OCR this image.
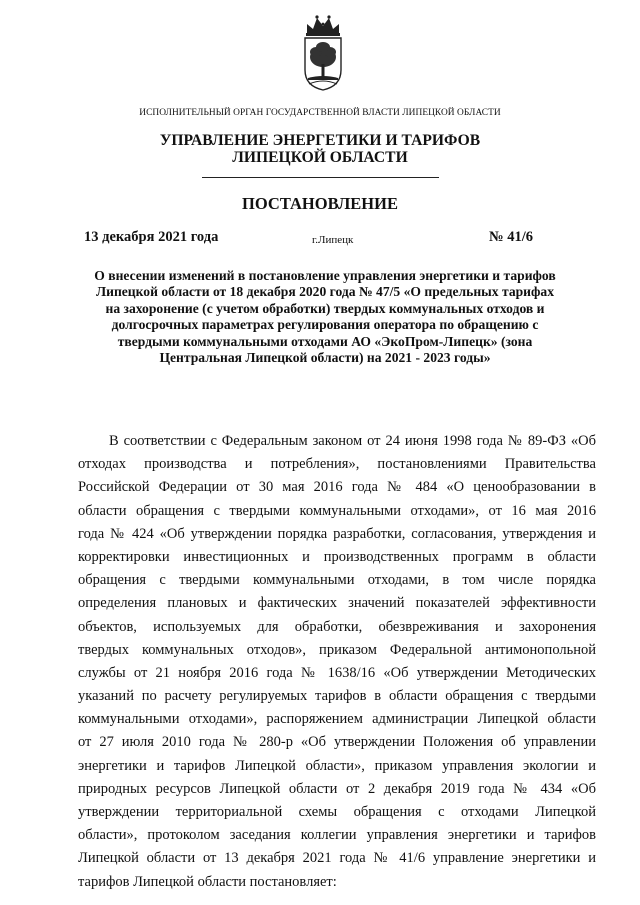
ИСПОЛНИТЕЛЬНЫЙ ОРГАН ГОСУДАРСТВЕННОЙ ВЛАСТИ ЛИПЕЦКОЙ ОБЛАСТИ
УПРАВЛЕНИЕ ЭНЕРГЕТИКИ И ТАРИФОВ
ЛИПЕЦКОЙ ОБЛАСТИ
ПОСТАНОВЛЕНИЕ
13 декабря 2021 года	г.Липецк	№ 41/6
О внесении изменений в постановление управления энергетики и тарифов
Липецкой области от 18 декабря 2020 года № 47/5 «О предельных тарифах
на захоронение (с учетом обработки) твердых коммунальных отходов и
долгосрочных параметрах регулирования оператора по обращению с
твердыми коммунальными отходами АО «ЭкоПром-Липецк» (зона
Центральная Липецкой области) на 2021 - 2023 годы»
В соответствии с Федеральным законом от 24 июня 1998 года № 89-ФЗ «Об
отходах производства и потребления», постановлениями Правительства
Российской Федерации от 30 мая 2016 года № 484 «О ценообразовании в
области обращения с твердыми коммунальными отходами», от 16 мая 2016
года № 424 «Об утверждении порядка разработки, согласования, утверждения и
корректировки инвестиционных и производственных программ в области
обращения с твердыми коммунальными отходами, в том числе порядка
определения плановых и фактических значений показателей эффективности
объектов, используемых для обработки, обезвреживания и захоронения
твердых коммунальных отходов», приказом Федеральной антимонопольной
службы от 21 ноября 2016 года № 1638/16 «Об утверждении Методических
указаний по расчету регулируемых тарифов в области обращения с твердыми
коммунальными отходами», распоряжением администрации Липецкой области
от 27 июля 2010 года № 280-р «Об утверждении Положения об управлении
энергетики и тарифов Липецкой области», приказом управления экологии и
природных ресурсов Липецкой области от 2 декабря 2019 года № 434 «Об
утверждении территориальной схемы обращения с отходами Липецкой
области», протоколом заседания коллегии управления энергетики и тарифов
Липецкой области от 13 декабря 2021 года № 41/6 управление энергетики и
тарифов Липецкой области постановляет:
